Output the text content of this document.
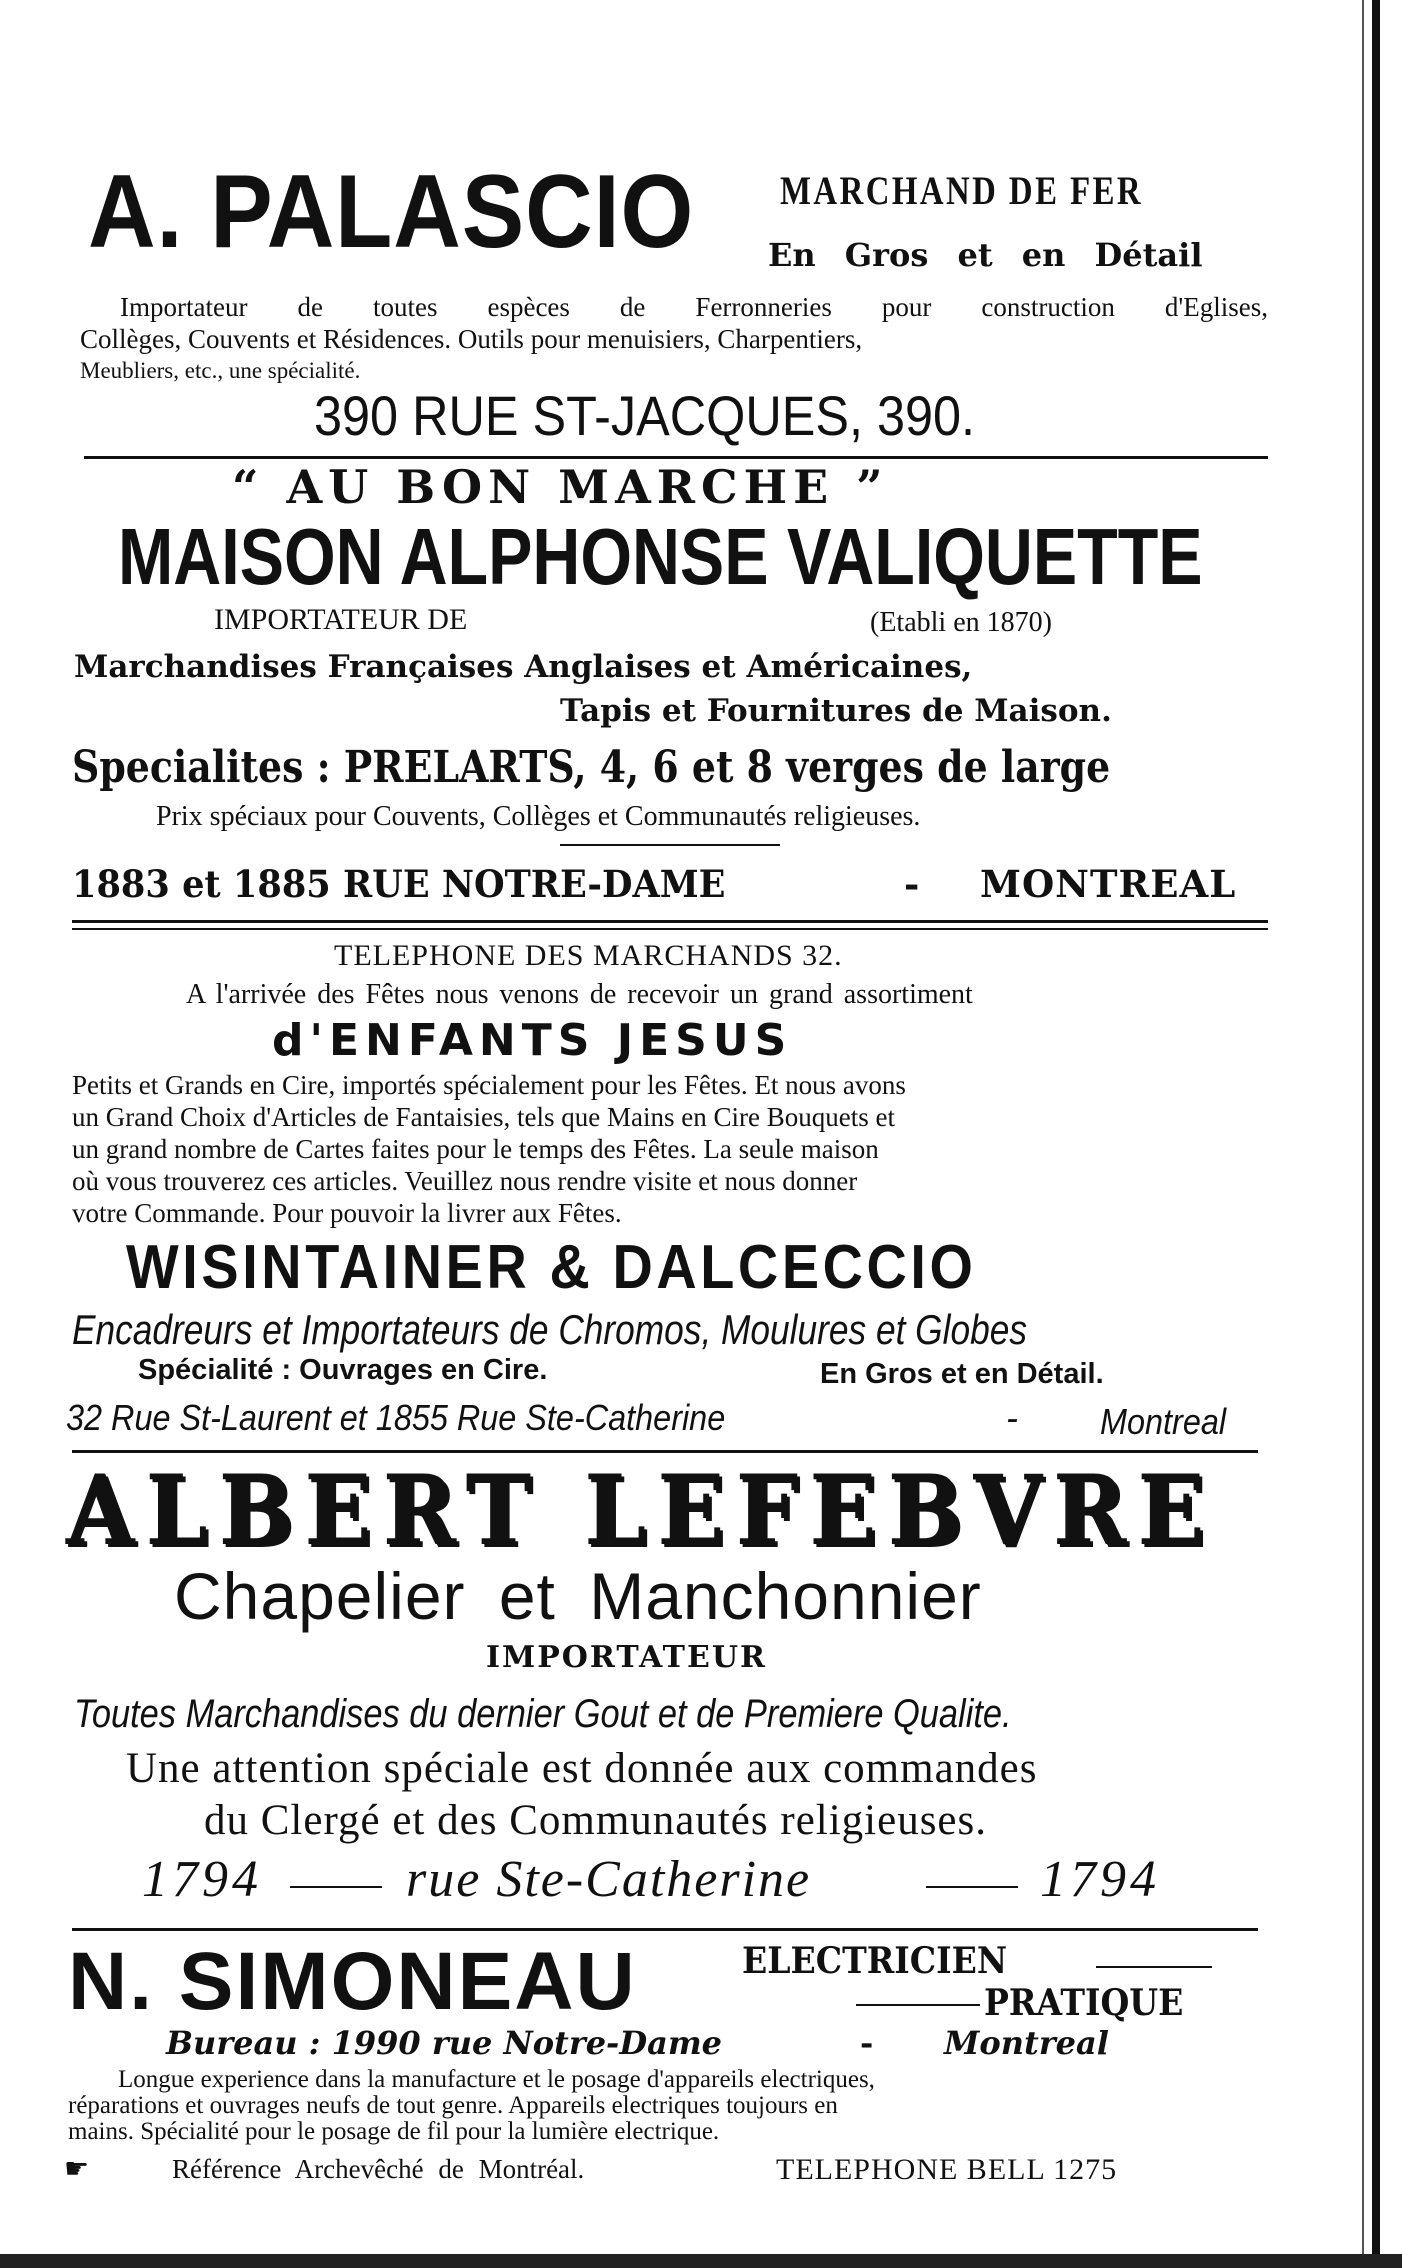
A. PALASCIO MARCHAND DE FER
En Gros et en Détail
Importateur de toutes espèces de Ferronneries pour construction d'Eglises,
Collèges, Couvents et Résidences. Outils pour menuisiers, Charpentiers,
Meubliers, etc., une spécialité.
390 RUE ST-JACQUES, 390.
“ AU BON MARCHE ”
MAISON ALPHONSE VALIQUETTE
IMPORTATEUR DE	(Etabli en 1870)
Marchandises Françaises Anglaises et Américaines,
Tapis et Fournitures de Maison.
Specialites : PRELARTS, 4, 6 et 8 verges de large
Prix spéciaux pour Couvents, Collèges et Communautés religieuses.
1883 et 1885 RUE NOTRE-DAME	- MONTREAL
TELEPHONE DES MARCHANDS 32.
A l'arrivée des Fêtes nous venons de recevoir un grand assortiment
d'ENFANTS JESUS
Petits et Grands en Cire, importés spécialement pour les Fêtes. Et nous avons
un Grand Choix d'Articles de Fantaisies, tels que Mains en Cire Bouquets et
un grand nombre de Cartes faites pour le temps des Fêtes. La seule maison
où vous trouverez ces articles. Veuillez nous rendre visite et nous donner
votre Commande. Pour pouvoir la livrer aux Fêtes.
WISINTAINER & DALCECCIO
Encadreurs et Importateurs de Chromos, Moulures et Globes
Spécialité : Ouvrages en Cire.	En Gros et en Détail.
32 Rue St-Laurent et 1855 Rue Ste-Catherine	- Montreal
ALBERT LEFEBVRE
Chapelier et Manchonnier
IMPORTATEUR
Toutes Marchandises du dernier Gout et de Premiere Qualite.
Une attention spéciale est donnée aux commandes
du Clergé et des Communautés religieuses.
1794	rue Ste-Catherine	1794
N. SIMONEAU	ELECTRICIEN
PRATIQUE
Bureau : 1990 rue Notre-Dame	- Montreal
Longue experience dans la manufacture et le posage d'appareils electriques,
réparations et ouvrages neufs de tout genre. Appareils electriques toujours en
mains. Spécialité pour le posage de fil pour la lumière electrique.
☛	Référence Archevêché de Montréal.	TELEPHONE BELL 1275
